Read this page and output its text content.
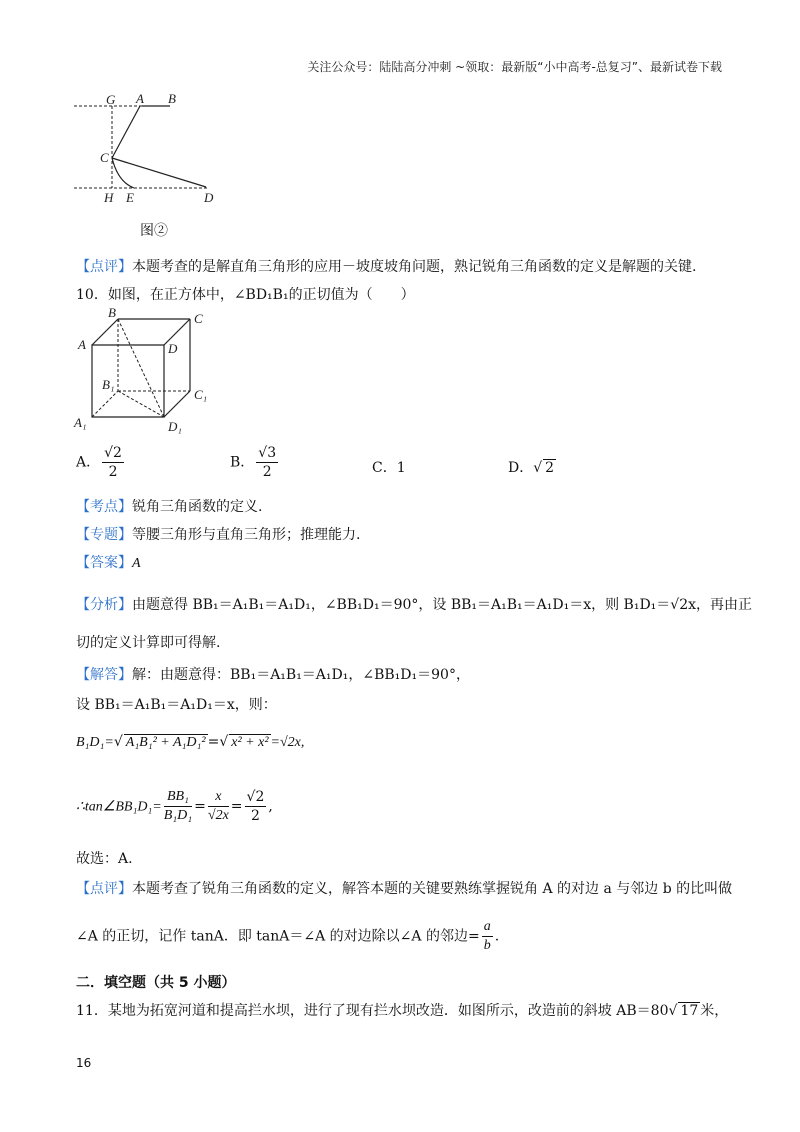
关注公众号：陆陆高分冲刺 ~领取：最新版“小中高考-总复习”、最新试卷下载
G A B
C
H E	D
图②
【点评】本题考查的是解直角三角形的应用－坡度坡角问题，熟记锐角三角函数的定义是解题的关键.
10．如图，在正方体中，∠BD₁B₁的正切值为（　　）
B	C
A	D
B₁
C₁
A₁	D₁
A． $\frac{√2}{2}$	B． $\frac{√3}{2}$	C．1	D．√ 2
【考点】锐角三角函数的定义.
【专题】等腰三角形与直角三角形；推理能力.
【答案】A
【分析】由题意得 BB₁＝A₁B₁＝A₁D₁，∠BB₁D₁＝90°，设 BB₁＝A₁B₁＝A₁D₁＝x，则 B₁D₁＝√2x，再由正
切的定义计算即可得解.
【解答】解：由题意得：BB₁＝A₁B₁＝A₁D₁，∠BB₁D₁＝90°，
设 BB₁＝A₁B₁＝A₁D₁＝x，则：
B₁D₁=√ A₁B₁² + A₁D₁² =√ x² + x² =√2x,
∴tan∠BB₁D₁= $\frac{\text{BB₁}}{\text{B₁D₁}} = \frac{x}{√2x} = \frac{√2}{2}$ ,
故选：A.
【点评】本题考查了锐角三角函数的定义，解答本题的关键要熟练掌握锐角 A 的对边 a 与邻边 b 的比叫做
∠A 的正切，记作 tanA．即 tanA＝∠A 的对边除以∠A 的邻边= $\frac{a}{b}$ .
二．填空题（共 5 小题）
11．某地为拓宽河道和提高拦水坝，进行了现有拦水坝改造．如图所示，改造前的斜坡 AB＝80√ 17 米，
16
